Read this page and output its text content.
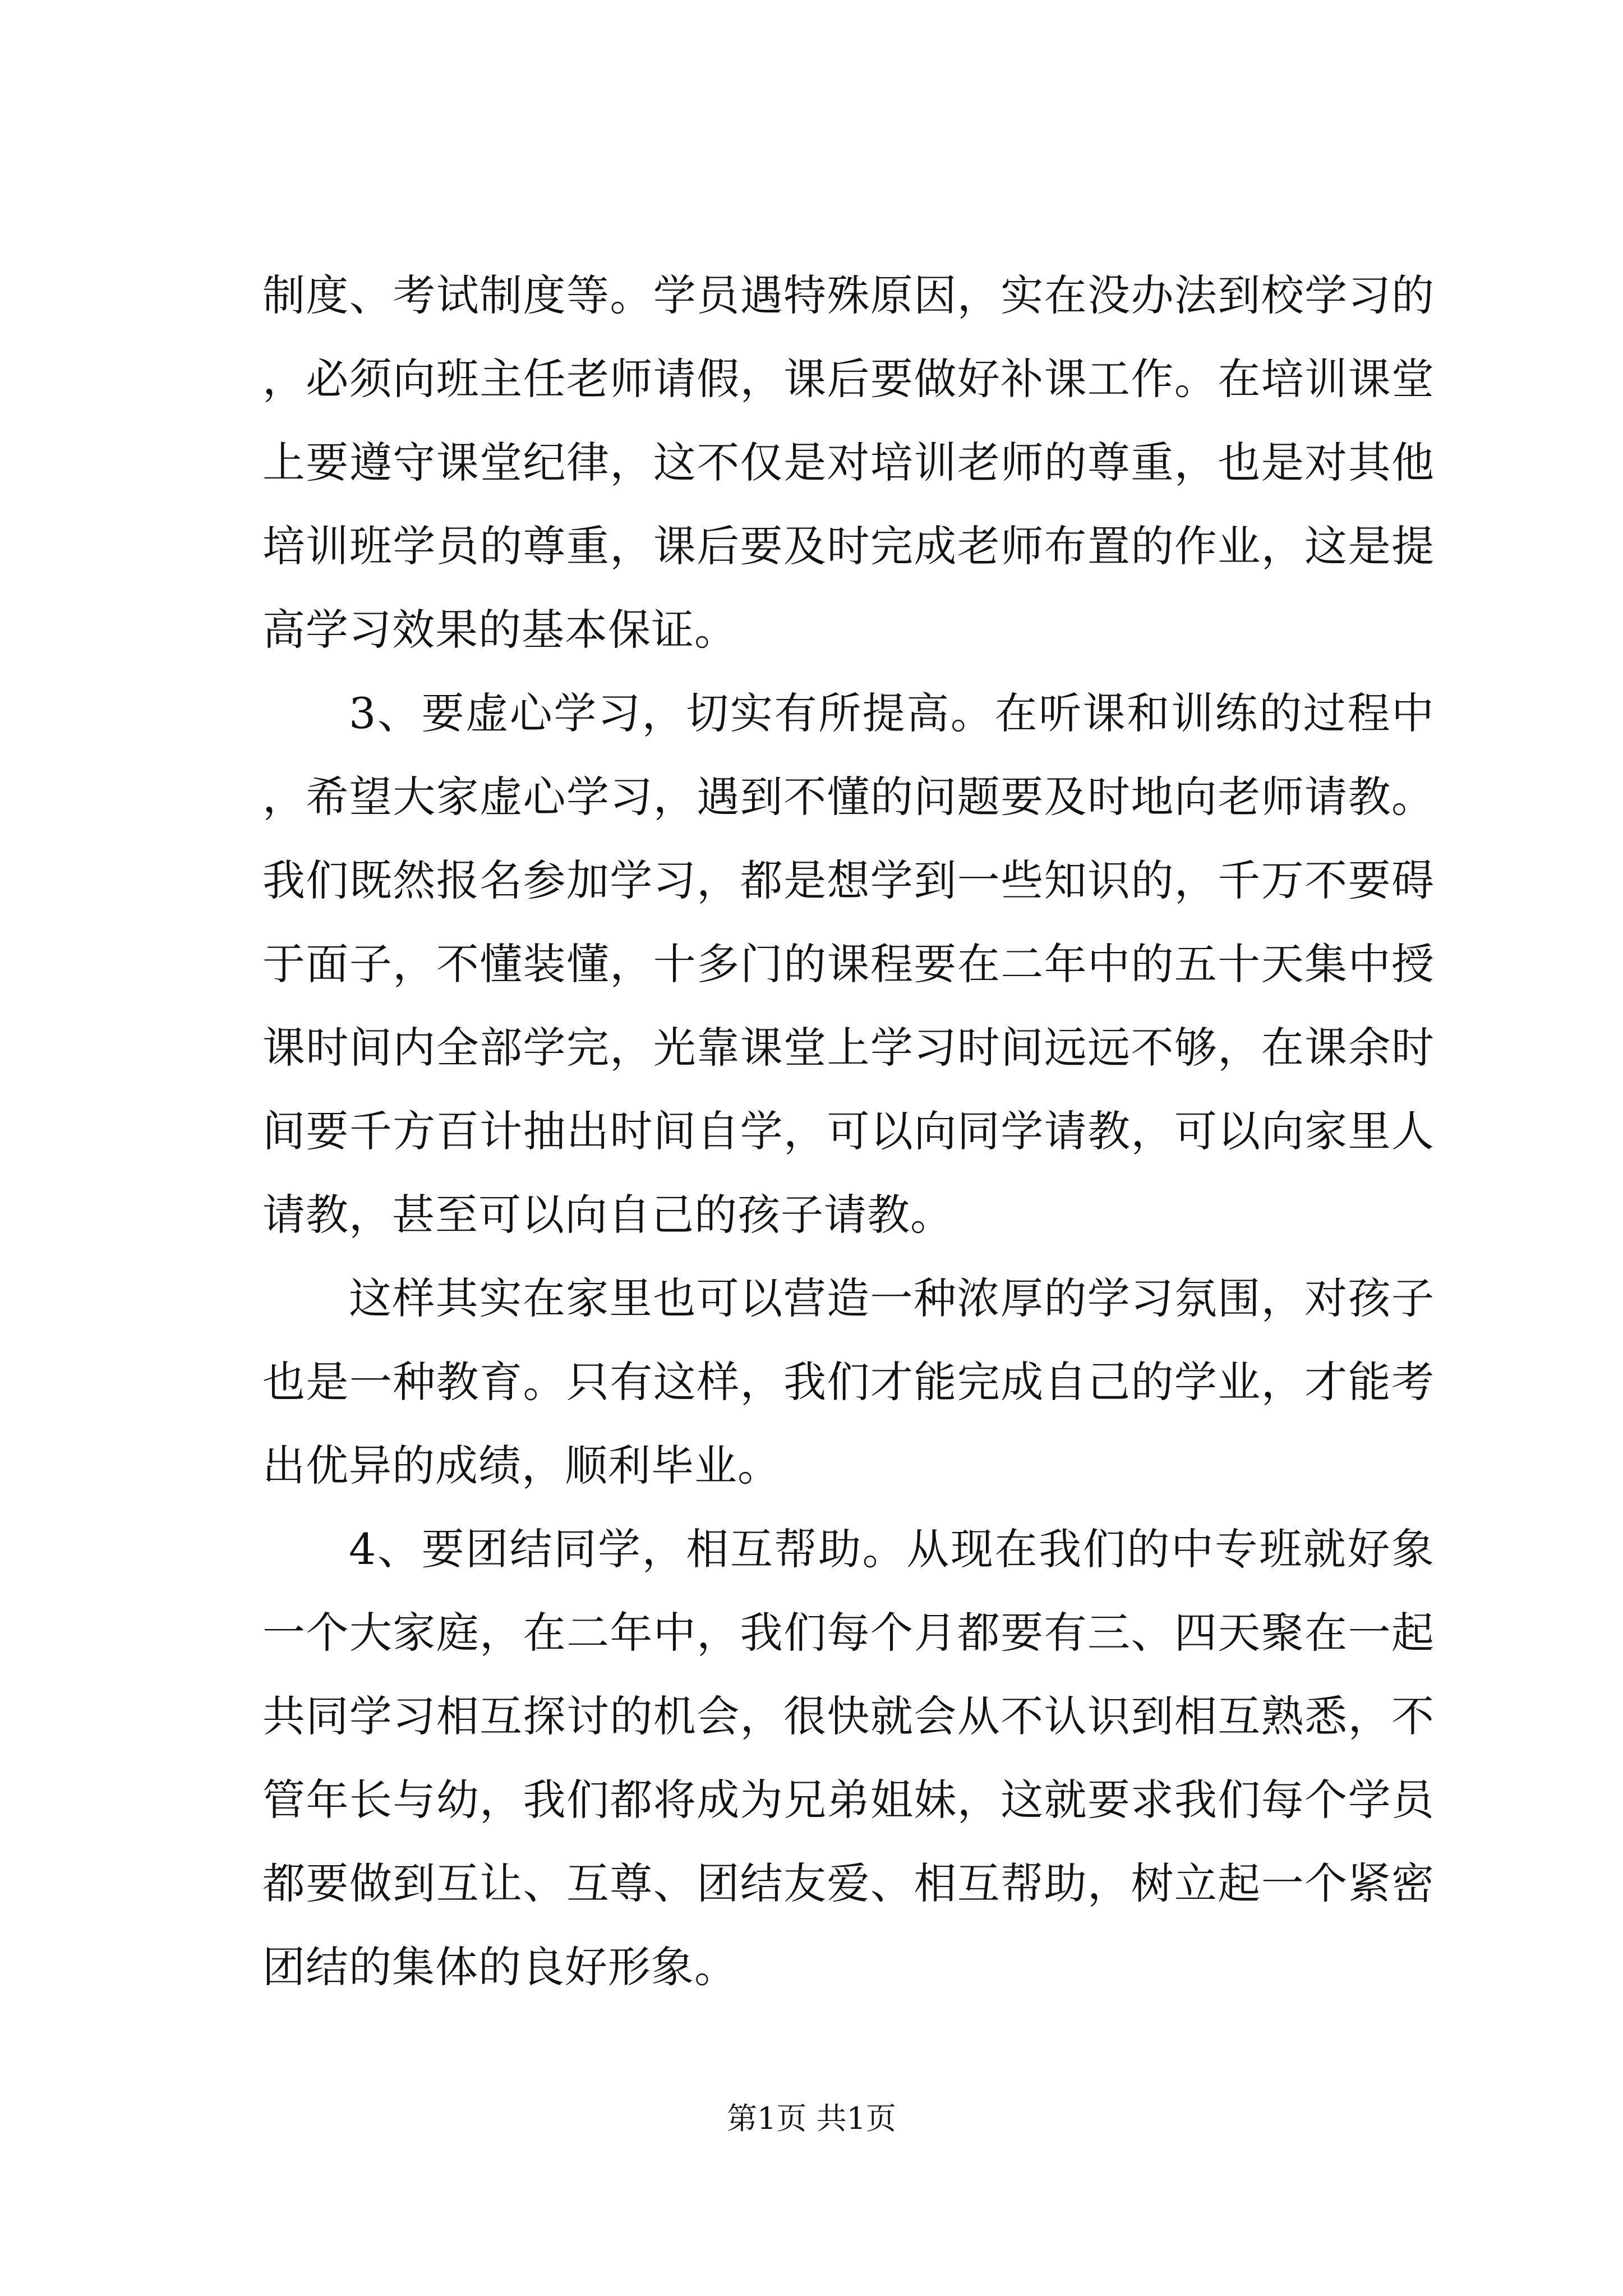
制度、考试制度等。学员遇特殊原因，实在没办法到校学习的，必须向班主任老师请假，课后要做好补课工作。在培训课堂上要遵守课堂纪律，这不仅是对培训老师的尊重，也是对其他培训班学员的尊重，课后要及时完成老师布置的作业，这是提高学习效果的基本保证。

3、要虚心学习，切实有所提高。在听课和训练的过程中，希望大家虚心学习，遇到不懂的问题要及时地向老师请教。我们既然报名参加学习，都是想学到一些知识的，千万不要碍于面子，不懂装懂，十多门的课程要在二年中的五十天集中授课时间内全部学完，光靠课堂上学习时间远远不够，在课余时间要千方百计抽出时间自学，可以向同学请教，可以向家里人请教，甚至可以向自己的孩子请教。

这样其实在家里也可以营造一种浓厚的学习氛围，对孩子也是一种教育。只有这样，我们才能完成自己的学业，才能考出优异的成绩，顺利毕业。

4、要团结同学，相互帮助。从现在我们的中专班就好象一个大家庭，在二年中，我们每个月都要有三、四天聚在一起共同学习相互探讨的机会，很快就会从不认识到相互熟悉，不管年长与幼，我们都将成为兄弟姐妹，这就要求我们每个学员都要做到互让、互尊、团结友爱、相互帮助，树立起一个紧密团结的集体的良好形象。

第1页 共1页
